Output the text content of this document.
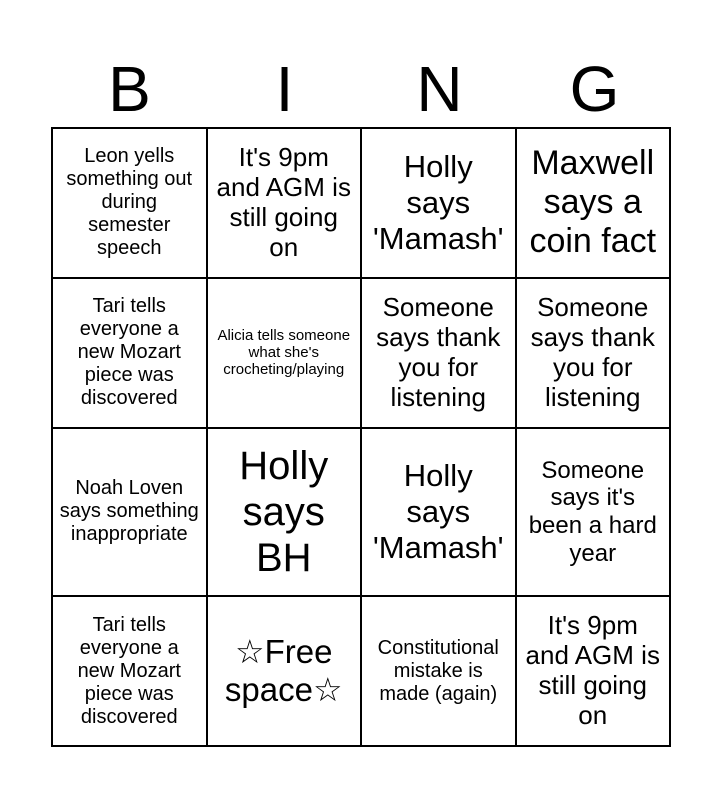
B	I	N	G
Leon yells something out during semester speech
It's 9pm and AGM is still going on
Holly says 'Mamash'
Maxwell says a coin fact
Tari tells everyone a new Mozart piece was discovered
Alicia tells someone what she's crocheting/playing
Someone says thank you for listening
Someone says thank you for listening
Noah Loven says something inappropriate
Holly says BH
Holly says 'Mamash'
Someone says it's been a hard year
Tari tells everyone a new Mozart piece was discovered
☆Free space☆
Constitutional mistake is made (again)
It's 9pm and AGM is still going on
